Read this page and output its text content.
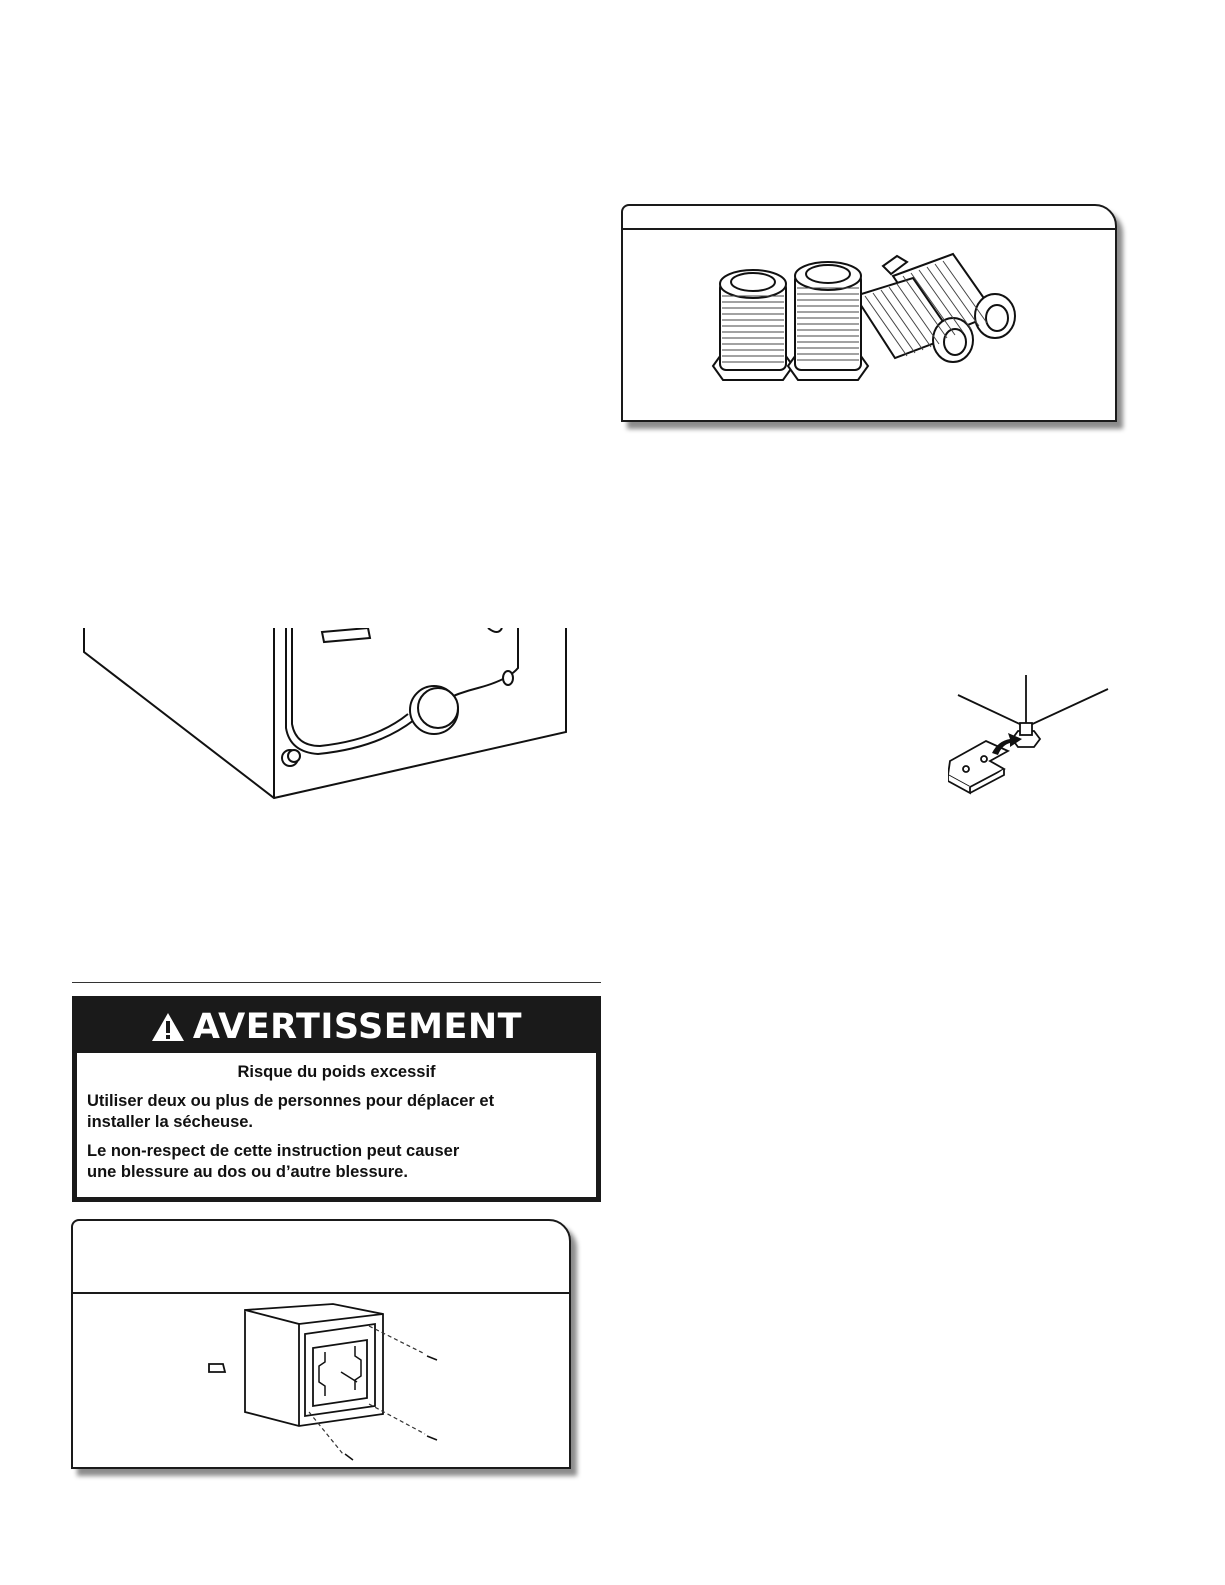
AVERTISSEMENT
Risque du poids excessif
Utiliser deux ou plus de personnes pour déplacer et
installer la sécheuse.
Le non-respect de cette instruction peut causer
une blessure au dos ou d’autre blessure.
